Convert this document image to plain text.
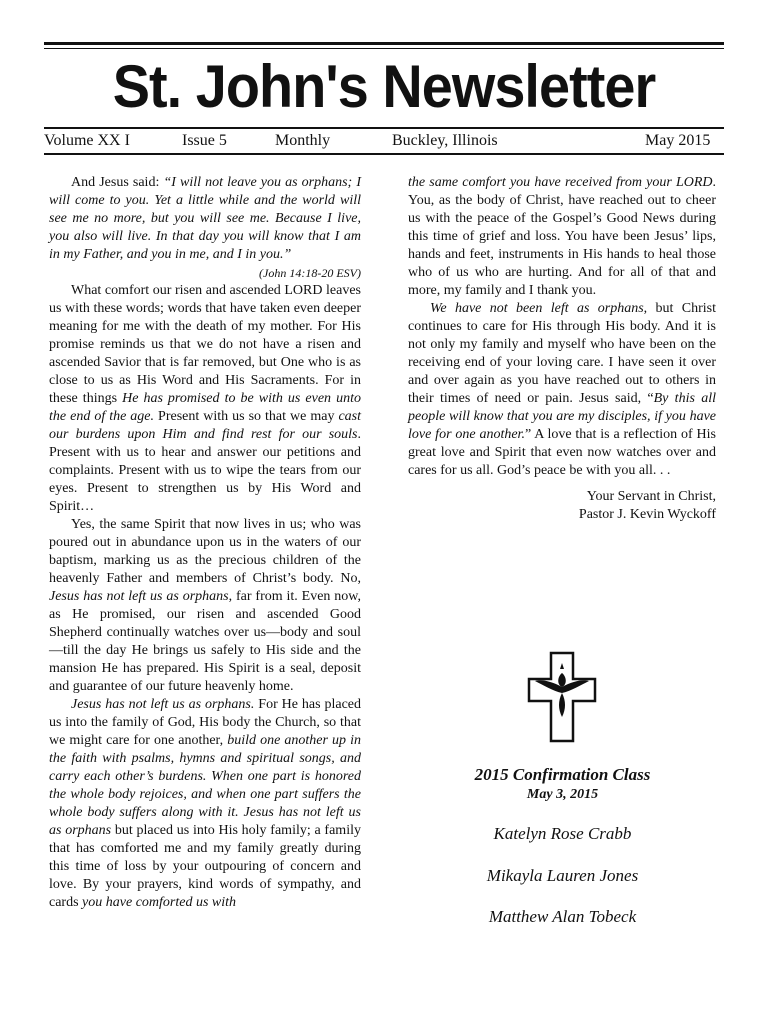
St. John's Newsletter
Volume XX I	Issue 5	Monthly	Buckley, Illinois	May 2015

And Jesus said: “I will not leave you as orphans; I will come to you. Yet a little while and the world will see me no more, but you will see me. Because I live, you also will live. In that day you will know that I am in my Father, and you in me, and I in you.”
(John 14:18-20 ESV)

What comfort our risen and ascended LORD leaves us with these words; words that have taken even deeper meaning for me with the death of my mother. For His promise reminds us that we do not have a risen and ascended Savior that is far removed, but One who is as close to us as His Word and His Sacraments. For in these things He has promised to be with us even unto the end of the age. Present with us so that we may cast our burdens upon Him and find rest for our souls. Present with us to hear and answer our petitions and complaints. Present with us to wipe the tears from our eyes. Present to strengthen us by His Word and Spirit…

Yes, the same Spirit that now lives in us; who was poured out in abundance upon us in the waters of our baptism, marking us as the precious children of the heavenly Father and members of Christ’s body. No, Jesus has not left us as orphans, far from it. Even now, as He promised, our risen and ascended Good Shepherd continually watches over us—body and soul—till the day He brings us safely to His side and the mansion He has prepared. His Spirit is a seal, deposit and guarantee of our future heavenly home.

Jesus has not left us as orphans. For He has placed us into the family of God, His body the Church, so that we might care for one another, build one another up in the faith with psalms, hymns and spiritual songs, and carry each other’s burdens. When one part is honored the whole body rejoices, and when one part suffers the whole body suffers along with it. Jesus has not left us as orphans but placed us into His holy family; a family that has comforted me and my family greatly during this time of loss by your outpouring of concern and love. By your prayers, kind words of sympathy, and cards you have comforted us with

the same comfort you have received from your LORD. You, as the body of Christ, have reached out to cheer us with the peace of the Gospel’s Good News during this time of grief and loss. You have been Jesus’ lips, hands and feet, instruments in His hands to heal those who of us who are hurting. And for all of that and more, my family and I thank you.

We have not been left as orphans, but Christ continues to care for His through His body. And it is not only my family and myself who have been on the receiving end of your loving care. I have seen it over and over again as you have reached out to others in their times of need or pain. Jesus said, “By this all people will know that you are my disciples, if you have love for one another.” A love that is a reflection of His great love and Spirit that even now watches over and cares for us all. God’s peace be with you all. . .

Your Servant in Christ,

Pastor J. Kevin Wyckoff

2015 Confirmation Class
May 3, 2015
Katelyn Rose Crabb
Mikayla Lauren Jones
Matthew Alan Tobeck
